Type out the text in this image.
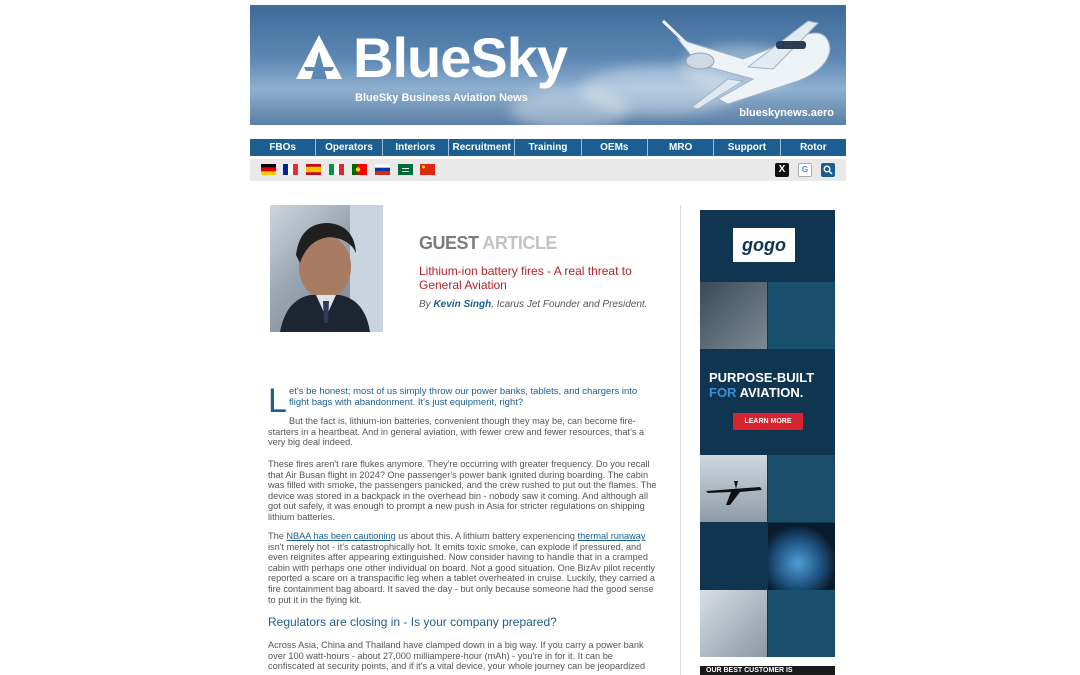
BlueSky
BlueSky Business Aviation News
blueskynews.aero
FBOs	Operators	Interiors	Recruitment	Training	OEMs	MRO	Support	Rotor
X	G
GUEST ARTICLE
Lithium-ion battery fires - A real threat to General Aviation
By Kevin Singh, Icarus Jet Founder and President.
L et's be honest; most of us simply throw our power banks, tablets, and chargers into flight bags with abandonment. It's just equipment, right?
But the fact is, lithium-ion batteries, convenient though they may be, can become fire-starters in a heartbeat. And in general aviation, with fewer crew and fewer resources, that's a very big deal indeed.
These fires aren't rare flukes anymore. They're occurring with greater frequency. Do you recall that Air Busan flight in 2024? One passenger's power bank ignited during boarding. The cabin was filled with smoke, the passengers panicked, and the crew rushed to put out the flames. The device was stored in a backpack in the overhead bin - nobody saw it coming. And although all got out safely, it was enough to prompt a new push in Asia for stricter regulations on shipping lithium batteries.
The NBAA has been cautioning us about this. A lithium battery experiencing thermal runaway isn't merely hot - it's catastrophically hot. It emits toxic smoke, can explode if pressured, and even reignites after appearing extinguished. Now consider having to handle that in a cramped cabin with perhaps one other individual on board. Not a good situation. One BizAv pilot recently reported a scare on a transpacific leg when a tablet overheated in cruise. Luckily, they carried a fire containment bag aboard. It saved the day - but only because someone had the good sense to put it in the flying kit.
Regulators are closing in - Is your company prepared?
Across Asia, China and Thailand have clamped down in a big way. If you carry a power bank over 100 watt-hours - about 27,000 milliampere-hour (mAh) - you're in for it. It can be confiscated at security points, and if it's a vital device, your whole journey can be jeopardized
gogo
PURPOSE-BUILT
FOR AVIATION.
LEARN MORE
OUR BEST CUSTOMER IS
